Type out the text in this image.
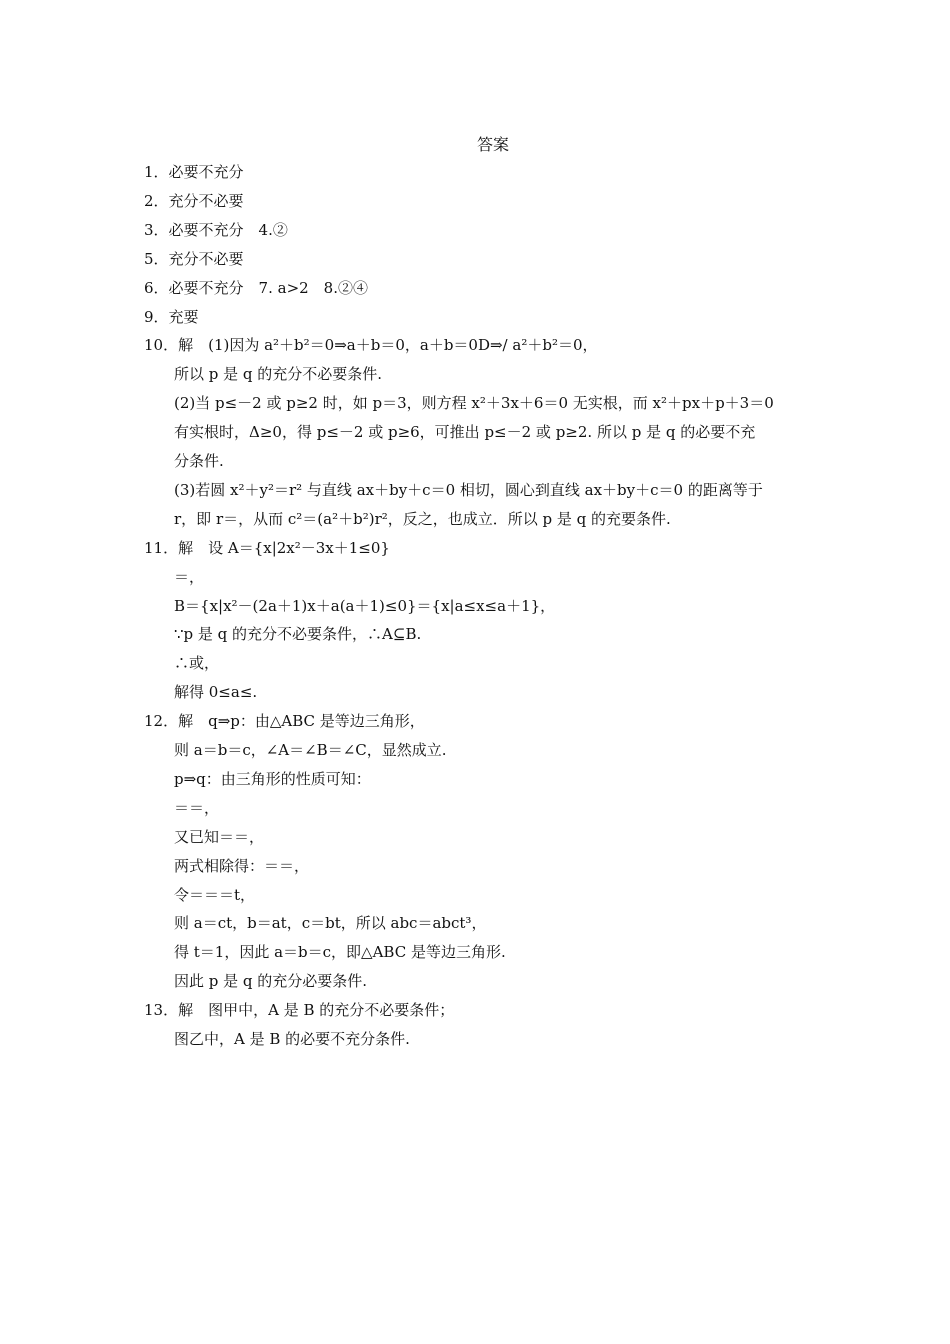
答案
1．必要不充分
2．充分不必要
3．必要不充分　4.②
5．充分不必要
6．必要不充分　7. a>2　8.②④
9．充要
10．解　(1)因为 a²＋b²＝0⇒a＋b＝0，a＋b＝0D⇒/ a²＋b²＝0，
所以 p 是 q 的充分不必要条件.
(2)当 p≤－2 或 p≥2 时，如 p＝3，则方程 x²＋3x＋6＝0 无实根，而 x²＋px＋p＋3＝0
有实根时，Δ≥0，得 p≤－2 或 p≥6，可推出 p≤－2 或 p≥2. 所以 p 是 q 的必要不充
分条件.
(3)若圆 x²＋y²＝r² 与直线 ax＋by＋c＝0 相切，圆心到直线 ax＋by＋c＝0 的距离等于
r，即 r＝，从而 c²＝(a²＋b²)r²，反之，也成立．所以 p 是 q 的充要条件.
11．解　设 A＝{x|2x²－3x＋1≤0}
＝，
B＝{x|x²－(2a＋1)x＋a(a＋1)≤0}＝{x|a≤x≤a＋1}，
∵p 是 q 的充分不必要条件，∴A⊆B.
∴或，
解得 0≤a≤.
12．解　q⇒p：由△ABC 是等边三角形，
则 a＝b＝c，∠A＝∠B＝∠C，显然成立.
p⇒q：由三角形的性质可知：
＝＝，
又已知＝＝，
两式相除得：＝＝，
令＝＝＝t，
则 a＝ct，b＝at，c＝bt，所以 abc＝abct³，
得 t＝1，因此 a＝b＝c，即△ABC 是等边三角形.
因此 p 是 q 的充分必要条件.
13．解　图甲中，A 是 B 的充分不必要条件；
图乙中，A 是 B 的必要不充分条件.
